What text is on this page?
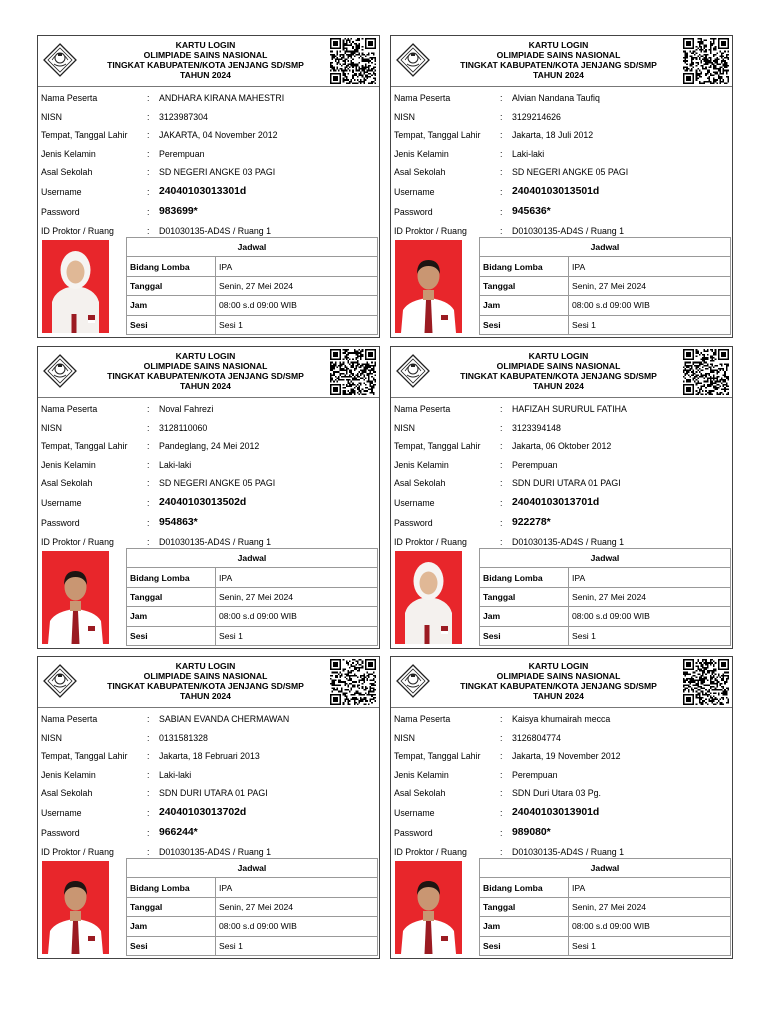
KARTU LOGIN
OLIMPIADE SAINS NASIONAL
TINGKAT KABUPATEN/KOTA JENJANG SD/SMP
TAHUN 2024
Nama Peserta	: ANDHARA KIRANA MAHESTRI
NISN	: 3123987304
Tempat, Tanggal Lahir : JAKARTA, 04 November 2012
Jenis Kelamin	: Perempuan
Asal Sekolah	: SD NEGERI ANGKE 03 PAGI
Username	: 24040103013301d
Password	: 983699*
ID Proktor / Ruang	: D01030135-AD4S / Ruang 1
Jadwal	
Bidang Lomba	IPA
Tanggal	Senin, 27 Mei 2024
Jam	08:00 s.d 09:00 WIB
Sesi	Sesi 1
KARTU LOGIN
OLIMPIADE SAINS NASIONAL
TINGKAT KABUPATEN/KOTA JENJANG SD/SMP
TAHUN 2024
Nama Peserta	: Alvian Nandana Taufiq
NISN	: 3129214626
Tempat, Tanggal Lahir : Jakarta, 18 Juli 2012
Jenis Kelamin	: Laki-laki
Asal Sekolah	: SD NEGERI ANGKE 05 PAGI
Username	: 24040103013501d
Password	: 945636*
ID Proktor / Ruang	: D01030135-AD4S / Ruang 1
Jadwal	
Bidang Lomba	IPA
Tanggal	Senin, 27 Mei 2024
Jam	08:00 s.d 09:00 WIB
Sesi	Sesi 1
KARTU LOGIN
OLIMPIADE SAINS NASIONAL
TINGKAT KABUPATEN/KOTA JENJANG SD/SMP
TAHUN 2024
Nama Peserta	: Noval Fahrezi
NISN	: 3128110060
Tempat, Tanggal Lahir : Pandeglang, 24 Mei 2012
Jenis Kelamin	: Laki-laki
Asal Sekolah	: SD NEGERI ANGKE 05 PAGI
Username	: 24040103013502d
Password	: 954863*
ID Proktor / Ruang	: D01030135-AD4S / Ruang 1
Jadwal	
Bidang Lomba	IPA
Tanggal	Senin, 27 Mei 2024
Jam	08:00 s.d 09:00 WIB
Sesi	Sesi 1
KARTU LOGIN
OLIMPIADE SAINS NASIONAL
TINGKAT KABUPATEN/KOTA JENJANG SD/SMP
TAHUN 2024
Nama Peserta	: HAFIZAH SURURUL FATIHA
NISN	: 3123394148
Tempat, Tanggal Lahir : Jakarta, 06 Oktober 2012
Jenis Kelamin	: Perempuan
Asal Sekolah	: SDN DURI UTARA 01 PAGI
Username	: 24040103013701d
Password	: 922278*
ID Proktor / Ruang	: D01030135-AD4S / Ruang 1
Jadwal	
Bidang Lomba	IPA
Tanggal	Senin, 27 Mei 2024
Jam	08:00 s.d 09:00 WIB
Sesi	Sesi 1
KARTU LOGIN
OLIMPIADE SAINS NASIONAL
TINGKAT KABUPATEN/KOTA JENJANG SD/SMP
TAHUN 2024
Nama Peserta	: SABIAN EVANDA CHERMAWAN
NISN	: 0131581328
Tempat, Tanggal Lahir : Jakarta, 18 Februari 2013
Jenis Kelamin	: Laki-laki
Asal Sekolah	: SDN DURI UTARA 01 PAGI
Username	: 24040103013702d
Password	: 966244*
ID Proktor / Ruang	: D01030135-AD4S / Ruang 1
Jadwal	
Bidang Lomba	IPA
Tanggal	Senin, 27 Mei 2024
Jam	08:00 s.d 09:00 WIB
Sesi	Sesi 1
KARTU LOGIN
OLIMPIADE SAINS NASIONAL
TINGKAT KABUPATEN/KOTA JENJANG SD/SMP
TAHUN 2024
Nama Peserta	: Kaisya khumairah mecca
NISN	: 3126804774
Tempat, Tanggal Lahir : Jakarta, 19 November 2012
Jenis Kelamin	: Perempuan
Asal Sekolah	: SDN Duri Utara 03 Pg.
Username	: 24040103013901d
Password	: 989080*
ID Proktor / Ruang	: D01030135-AD4S / Ruang 1
Jadwal	
Bidang Lomba	IPA
Tanggal	Senin, 27 Mei 2024
Jam	08:00 s.d 09:00 WIB
Sesi	Sesi 1
